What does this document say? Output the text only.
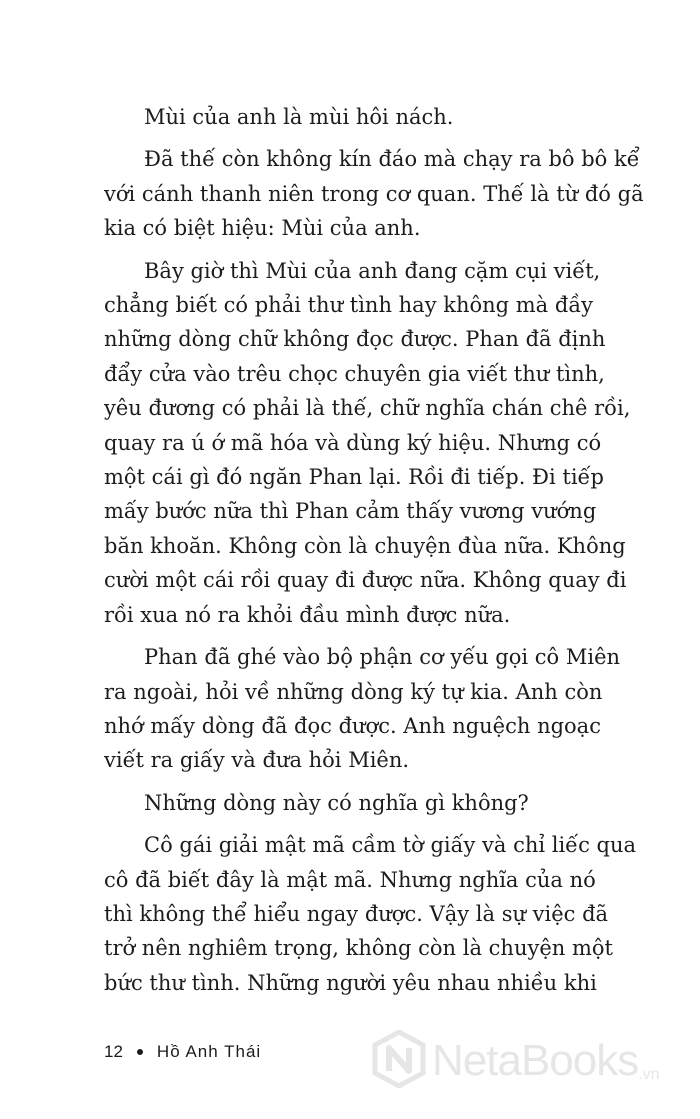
Mùi của anh là mùi hôi nách.

Đã thế còn không kín đáo mà chạy ra bô bô kể
với cánh thanh niên trong cơ quan. Thế là từ đó gã
kia có biệt hiệu: Mùi của anh.

Bây giờ thì Mùi của anh đang cặm cụi viết,
chẳng biết có phải thư tình hay không mà đầy
những dòng chữ không đọc được. Phan đã định
đẩy cửa vào trêu chọc chuyên gia viết thư tình,
yêu đương có phải là thế, chữ nghĩa chán chê rồi,
quay ra ú ớ mã hóa và dùng ký hiệu. Nhưng có
một cái gì đó ngăn Phan lại. Rồi đi tiếp. Đi tiếp
mấy bước nữa thì Phan cảm thấy vương vướng
băn khoăn. Không còn là chuyện đùa nữa. Không
cười một cái rồi quay đi được nữa. Không quay đi
rồi xua nó ra khỏi đầu mình được nữa.

Phan đã ghé vào bộ phận cơ yếu gọi cô Miên
ra ngoài, hỏi về những dòng ký tự kia. Anh còn
nhớ mấy dòng đã đọc được. Anh nguệch ngoạc
viết ra giấy và đưa hỏi Miên.

Những dòng này có nghĩa gì không?

Cô gái giải mật mã cầm tờ giấy và chỉ liếc qua
cô đã biết đây là mật mã. Nhưng nghĩa của nó
thì không thể hiểu ngay được. Vậy là sự việc đã
trở nên nghiêm trọng, không còn là chuyện một
bức thư tình. Những người yêu nhau nhiều khi

12 Hồ Anh Thái	NetaBooks .vn
